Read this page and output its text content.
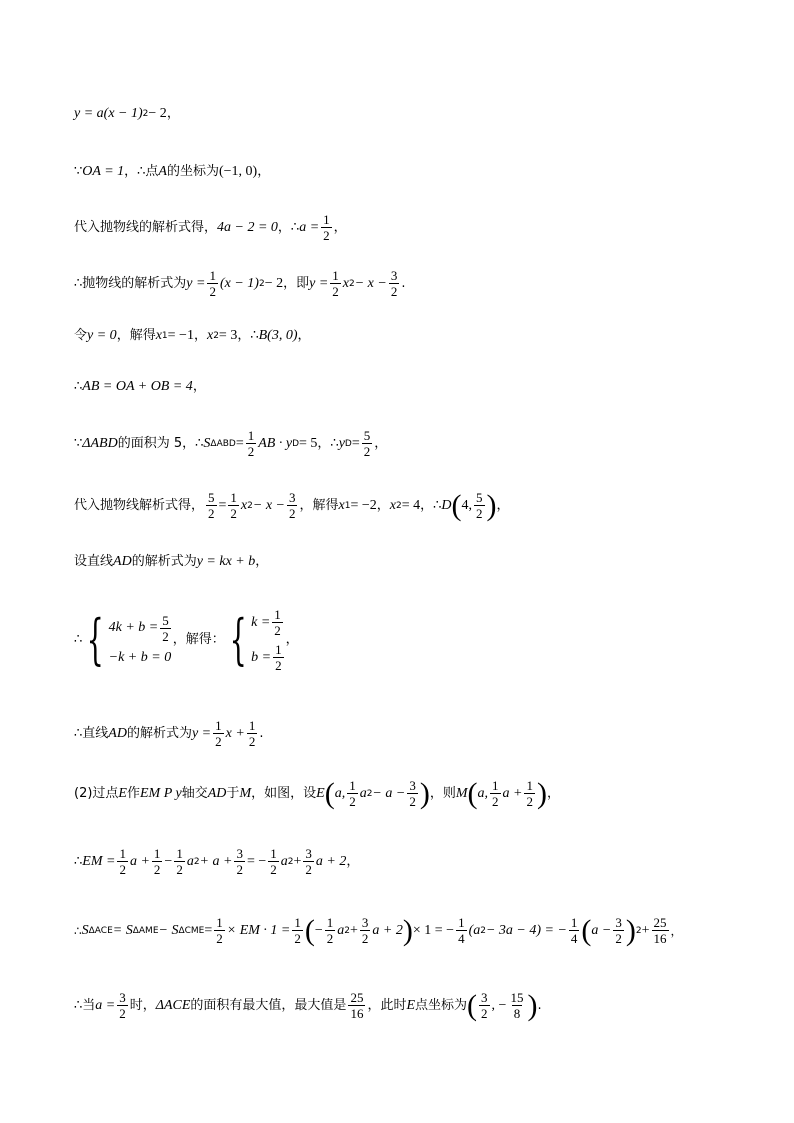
y = a (x − 1) 2 − 2 ，
∵ OA = 1 ，∴点 A 的坐标为 (−1, 0) ，
代入抛物线的解析式得， 4a − 2 = 0 ，∴ $a = \frac{1}{2}$ ，
∴抛物线的解析式为 $y = \frac{1}{2} (x - 1) 2 - 2$ ，即 $y = \frac{1}{2}$ x $2 - x - \frac{3}{2}$ .
令 y = 0 ，解得 x 1 = −1 ， x 2 = 3 ，∴ B(3, 0) ，
∴ AB = OA + OB = 4 ，
∵ ΔABD 的面积为 5，∴ S $\Delta ABD = \frac{1}{2}$ AB · y D = 5 ，∴ y $D = \frac{5}{2}$ ，
代入抛物线解析式得， $\frac{5}{2} = \frac{1}{2}$ x $2 - x - \frac{3}{2}$ ，解得 x 1 = −2 ， x 2 = 4 ，∴ D ( 4, $\frac{5}{2}$ ) ，
设直线 AD 的解析式为 y = kx + b ，
∴ { $4k + b = \frac{5}{2}$
−k + b = 0
，解得： { $k = \frac{1}{2}$
$b = \frac{1}{2}$
，
∴直线 AD 的解析式为 $y = \frac{1}{2}$ $x + \frac{1}{2}$ .
(2)过点 E 作 EM P y 轴交 AD 于 M ，如图，设 E ( a, $\frac{1}{2}$ a $2 - a - \frac{3}{2}$ ) ，则 M ( a, $\frac{1}{2}$ $a + \frac{1}{2}$ ) ，
∴ EM = $\frac{1}{2}$ $a + \frac{1}{2} - \frac{1}{2}$ a $2 + a + \frac{3}{2}$ = − $\frac{1}{2}$ a $2 + \frac{3}{2}$ a + 2 ，
∴ S ΔACE = S ΔAME − S $\Delta CME = \frac{1}{2}$ × EM · $1 = \frac{1}{2}$ ( − $\frac{1}{2}$ a $2 + \frac{3}{2}$ a + 2 ) × 1 = − $\frac{1}{4} (a$ 2 − 3a − 4) = − $\frac{1}{4}$ ( $a - \frac{3}{2}$ ) $2 + \frac{25}{16}$ ，
∴当 $a = \frac{3}{2}$ 时， ΔACE 的面积有最大值，最大值是 $\frac{25}{16}$ ，此时 E 点坐标为 ( $\frac{3}{2}$ , − $\frac{15}{8}$ ) .
